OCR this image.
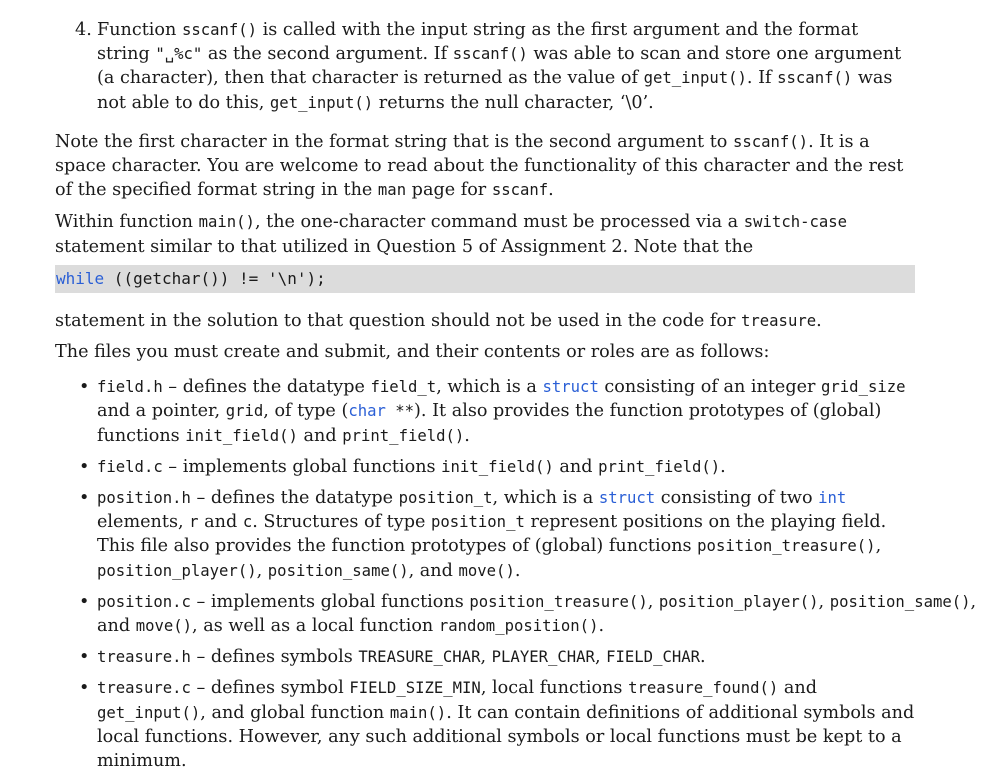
4. Function sscanf() is called with the input string as the first argument and the format string "␣%c" as the second argument. If sscanf() was able to scan and store one argument (a character), then that character is returned as the value of get_input(). If sscanf() was not able to do this, get_input() returns the null character, ‘\0’.

Note the first character in the format string that is the second argument to sscanf(). It is a space character. You are welcome to read about the functionality of this character and the rest of the specified format string in the man page for sscanf.

Within function main(), the one-character command must be processed via a switch-case statement similar to that utilized in Question 5 of Assignment 2. Note that the

while ((getchar()) != '\n');

statement in the solution to that question should not be used in the code for treasure.

The files you must create and submit, and their contents or roles are as follows:

• field.h – defines the datatype field_t, which is a struct consisting of an integer grid_size and a pointer, grid, of type (char **). It also provides the function prototypes of (global) functions init_field() and print_field().
• field.c – implements global functions init_field() and print_field().
• position.h – defines the datatype position_t, which is a struct consisting of two int elements, r and c. Structures of type position_t represent positions on the playing field. This file also provides the function prototypes of (global) functions position_treasure(), position_player(), position_same(), and move().
• position.c – implements global functions position_treasure(), position_player(), position_same(), and move(), as well as a local function random_position().
• treasure.h – defines symbols TREASURE_CHAR, PLAYER_CHAR, FIELD_CHAR.
• treasure.c – defines symbol FIELD_SIZE_MIN, local functions treasure_found() and get_input(), and global function main(). It can contain definitions of additional symbols and local functions. However, any such additional symbols or local functions must be kept to a minimum.
